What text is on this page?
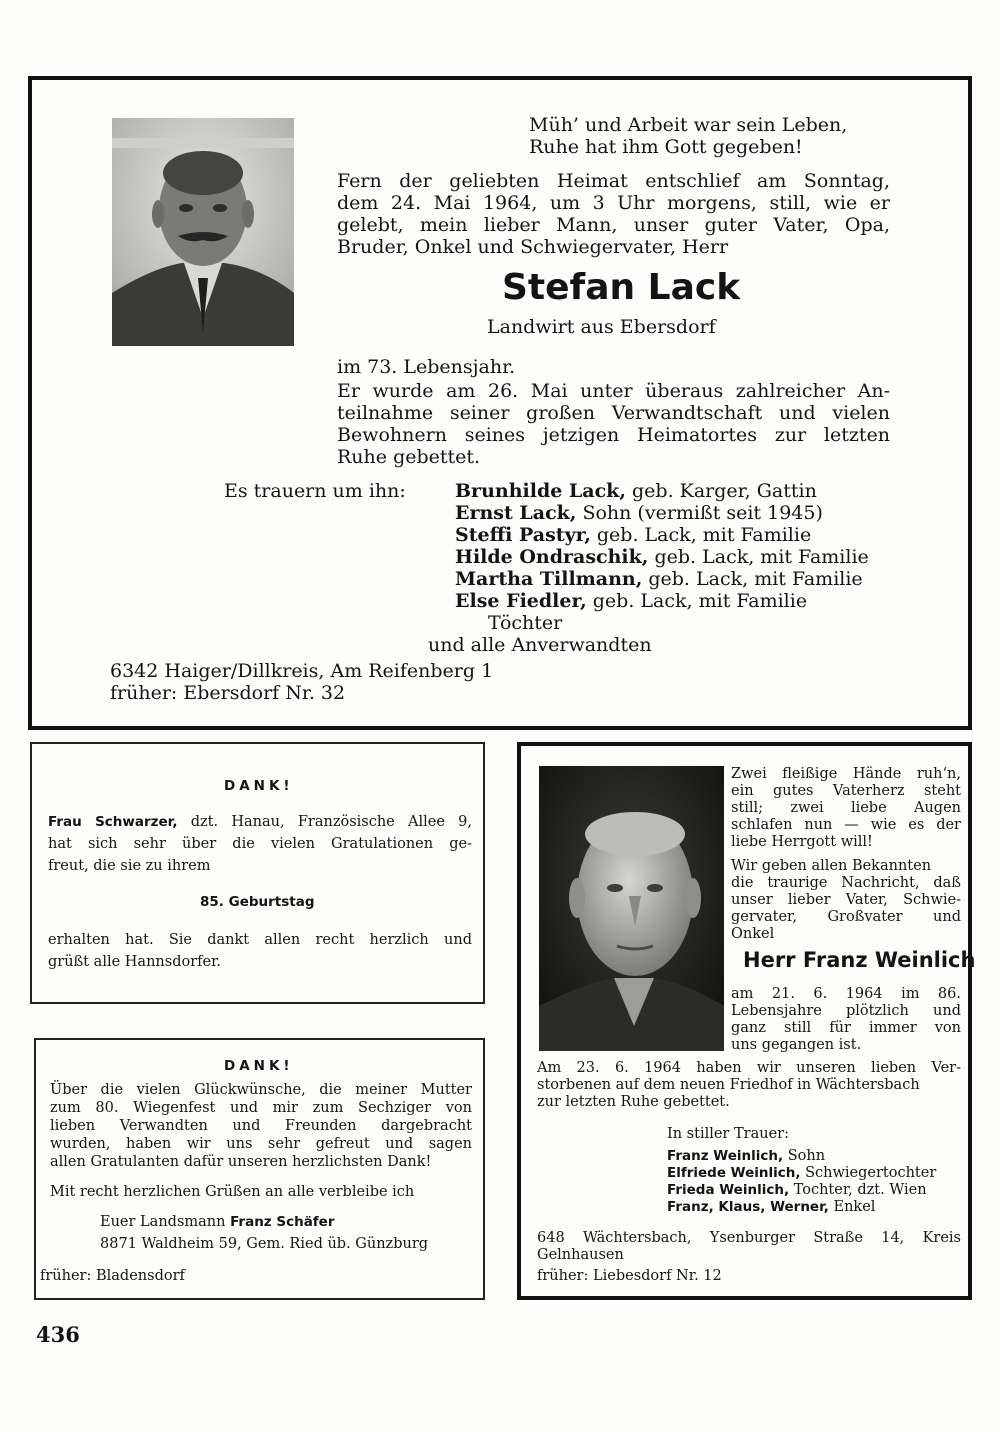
Müh’ und Arbeit war sein Leben,
Ruhe hat ihm Gott gegeben!
Fern der geliebten Heimat entschlief am Sonntag,
dem 24. Mai 1964, um 3 Uhr morgens, still, wie er
gelebt, mein lieber Mann, unser guter Vater, Opa,
Bruder, Onkel und Schwiegervater, Herr
Stefan Lack
Landwirt aus Ebersdorf
im 73. Lebensjahr.
Er wurde am 26. Mai unter überaus zahlreicher An-
teilnahme seiner großen Verwandtschaft und vielen
Bewohnern seines jetzigen Heimatortes zur letzten
Ruhe gebettet.
Es trauern um ihn:	Brunhilde Lack, geb. Karger, Gattin
Ernst Lack, Sohn (vermißt seit 1945)
Steffi Pastyr, geb. Lack, mit Familie
Hilde Ondraschik, geb. Lack, mit Familie
Martha Tillmann, geb. Lack, mit Familie
Else Fiedler, geb. Lack, mit Familie
Töchter
und alle Anverwandten
6342 Haiger/Dillkreis, Am Reifenberg 1
früher: Ebersdorf Nr. 32
DANK!
Frau Schwarzer, dzt. Hanau, Französische Allee 9,
hat sich sehr über die vielen Gratulationen ge-
freut, die sie zu ihrem
85. Geburtstag
erhalten hat. Sie dankt allen recht herzlich und
grüßt alle Hannsdorfer.
DANK!
Über die vielen Glückwünsche, die meiner Mutter
zum 80. Wiegenfest und mir zum Sechziger von
lieben Verwandten und Freunden dargebracht
wurden, haben wir uns sehr gefreut und sagen
allen Gratulanten dafür unseren herzlichsten Dank!
Mit recht herzlichen Grüßen an alle verbleibe ich
Euer Landsmann Franz Schäfer
8871 Waldheim 59, Gem. Ried üb. Günzburg
früher: Bladensdorf
Zwei fleißige Hände ruh‘n,
ein gutes Vaterherz steht
still; zwei liebe Augen
schlafen nun — wie es der
liebe Herrgott will!
Wir geben allen Bekannten
die traurige Nachricht, daß
unser lieber Vater, Schwie-
gervater, Großvater und
Onkel
Herr Franz Weinlich
am 21. 6. 1964 im 86.
Lebensjahre plötzlich und
ganz still für immer von
uns gegangen ist.
Am 23. 6. 1964 haben wir unseren lieben Ver-
storbenen auf dem neuen Friedhof in Wächtersbach
zur letzten Ruhe gebettet.
In stiller Trauer:
Franz Weinlich, Sohn
Elfriede Weinlich, Schwiegertochter
Frieda Weinlich, Tochter, dzt. Wien
Franz, Klaus, Werner, Enkel
648 Wächtersbach, Ysenburger Straße 14, Kreis
Gelnhausen
früher: Liebesdorf Nr. 12
436
